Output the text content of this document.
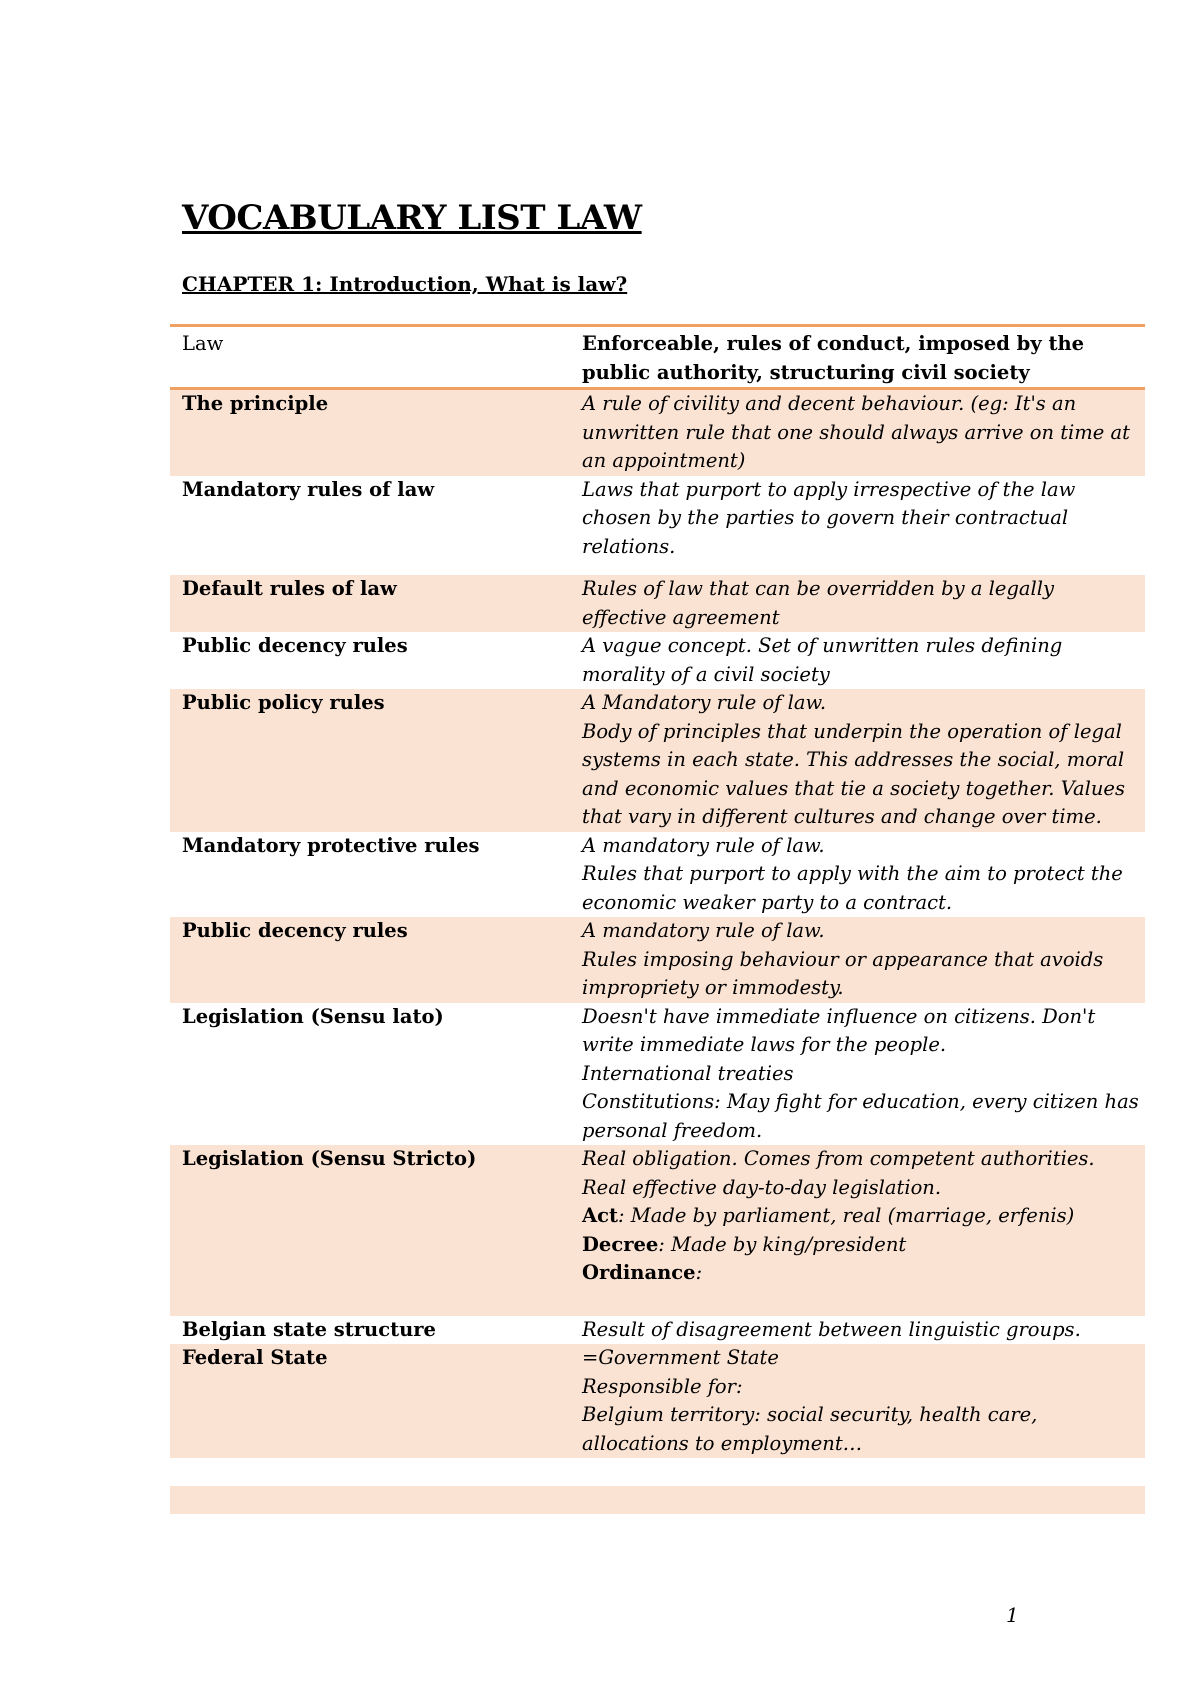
VOCABULARY LIST LAW
CHAPTER 1: Introduction, What is law?
Law	Enforceable, rules of conduct, imposed by the public authority, structuring civil society
The principle	A rule of civility and decent behaviour. (eg: It's an unwritten rule that one should always arrive on time at an appointment)

Mandatory rules of law	Laws that purport to apply irrespective of the law chosen by the parties to govern their contractual relations.

Default rules of law	Rules of law that can be overridden by a legally effective agreement

Public decency rules	A vague concept. Set of unwritten rules defining morality of a civil society

Public policy rules	A Mandatory rule of law.
Body of principles that underpin the operation of legal systems in each state. This addresses the social, moral and economic values that tie a society together. Values that vary in different cultures and change over time.

Mandatory protective rules	A mandatory rule of law.
Rules that purport to apply with the aim to protect the economic weaker party to a contract.

Public decency rules	A mandatory rule of law.
Rules imposing behaviour or appearance that avoids impropriety or immodesty.

Legislation (Sensu lato)	Doesn't have immediate influence on citizens. Don't write immediate laws for the people.
International treaties
Constitutions: May fight for education, every citizen has personal freedom.

Legislation (Sensu Stricto)	Real obligation. Comes from competent authorities.
Real effective day-to-day legislation.
Act: Made by parliament, real (marriage, erfenis)
Decree: Made by king/president
Ordinance:

Belgian state structure	Result of disagreement between linguistic groups.

Federal State	=Government State
Responsible for:
Belgium territory: social security, health care, allocations to employment…

1
